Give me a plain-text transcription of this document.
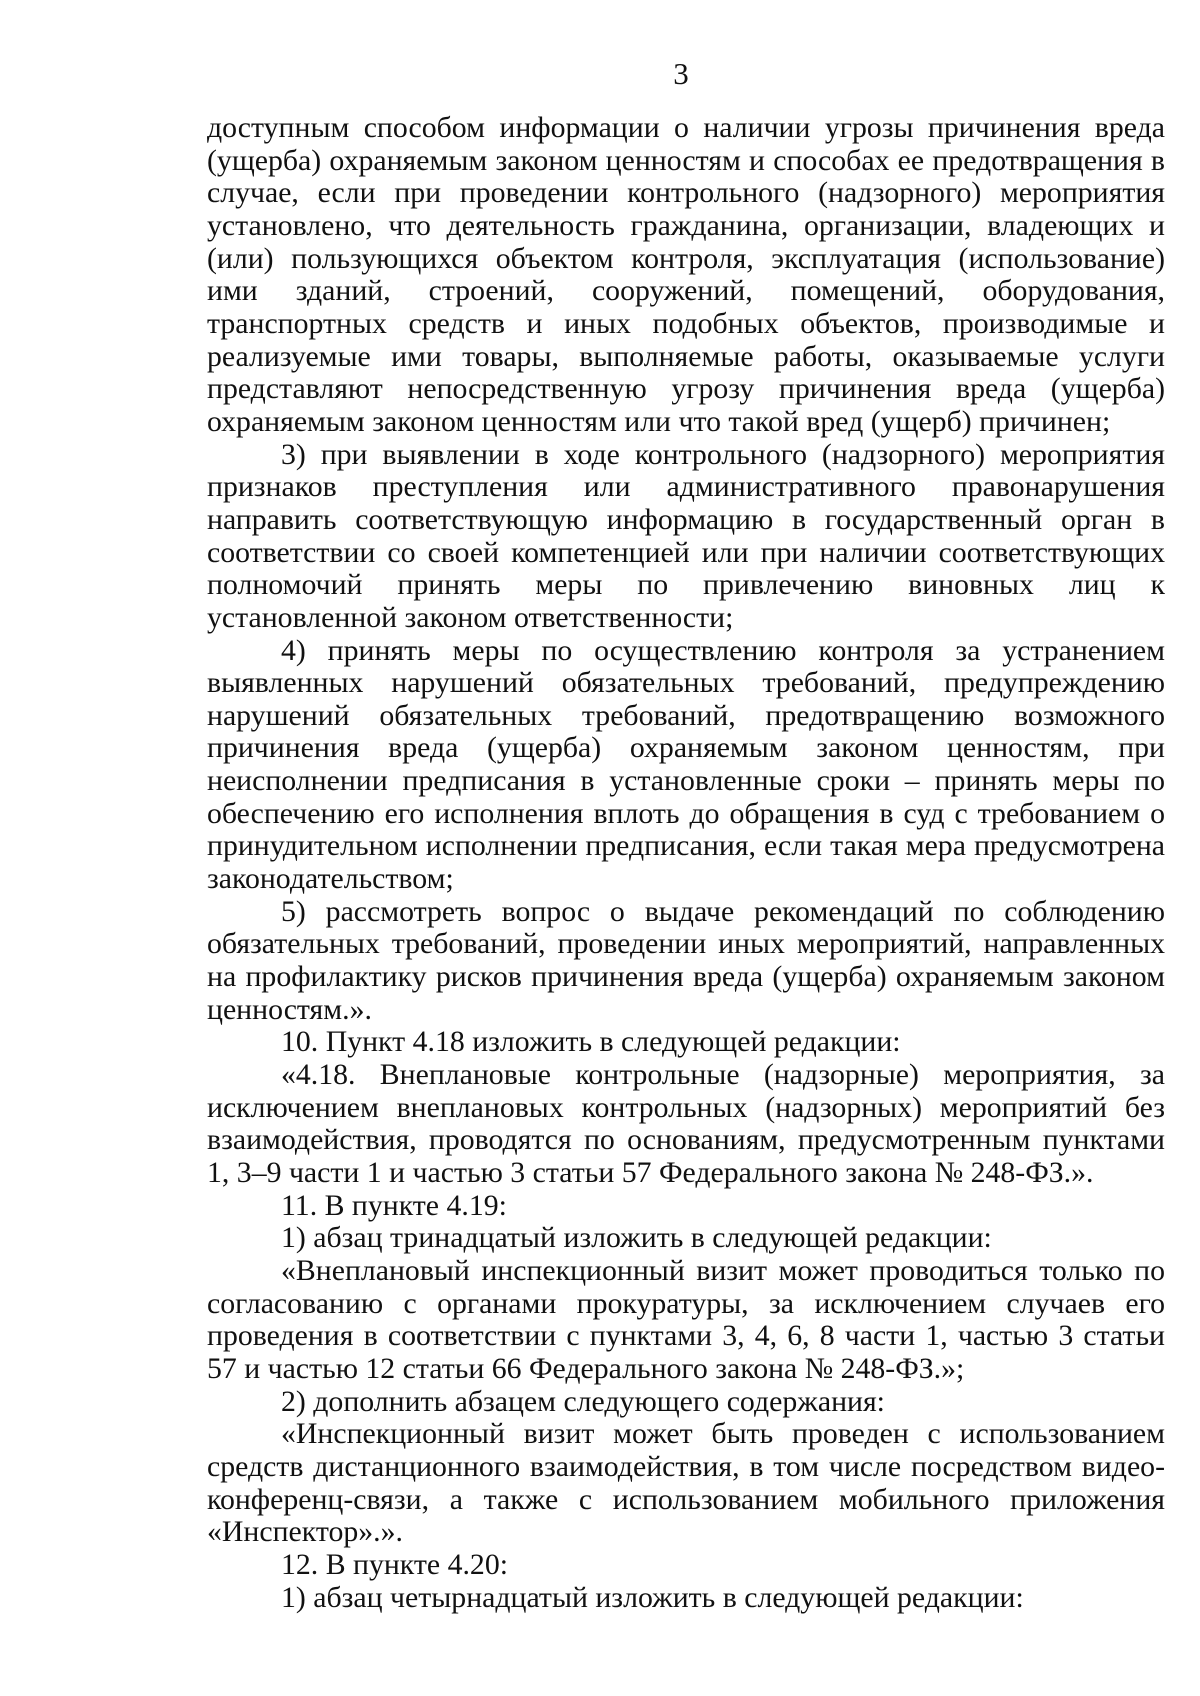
3

доступным способом информации о наличии угрозы причинения вреда (ущерба) охраняемым законом ценностям и способах ее предотвращения в случае, если при проведении контрольного (надзорного) мероприятия установлено, что деятельность гражданина, организации, владеющих и (или) пользующихся объектом контроля, эксплуатация (использование) ими зданий, строений, сооружений, помещений, оборудования, транспортных средств и иных подобных объектов, производимые и реализуемые ими товары, выполняемые работы, оказываемые услуги представляют непосредственную угрозу причинения вреда (ущерба) охраняемым законом ценностям или что такой вред (ущерб) причинен;

3) при выявлении в ходе контрольного (надзорного) мероприятия признаков преступления или административного правонарушения направить соответствующую информацию в государственный орган в соответствии со своей компетенцией или при наличии соответствующих полномочий принять меры по привлечению виновных лиц к установленной законом ответственности;

4) принять меры по осуществлению контроля за устранением выявленных нарушений обязательных требований, предупреждению нарушений обязательных требований, предотвращению возможного причинения вреда (ущерба) охраняемым законом ценностям, при неисполнении предписания в установленные сроки – принять меры по обеспечению его исполнения вплоть до обращения в суд с требованием о принудительном исполнении предписания, если такая мера предусмотрена законодательством;

5) рассмотреть вопрос о выдаче рекомендаций по соблюдению обязательных требований, проведении иных мероприятий, направленных на профилактику рисков причинения вреда (ущерба) охраняемым законом ценностям.».

10. Пункт 4.18 изложить в следующей редакции:

«4.18. Внеплановые контрольные (надзорные) мероприятия, за исключением внеплановых контрольных (надзорных) мероприятий без взаимодействия, проводятся по основаниям, предусмотренным пунктами 1, 3–9 части 1 и частью 3 статьи 57 Федерального закона № 248-ФЗ.».

11. В пункте 4.19:

1) абзац тринадцатый изложить в следующей редакции:

«Внеплановый инспекционный визит может проводиться только по согласованию с органами прокуратуры, за исключением случаев его проведения в соответствии с пунктами 3, 4, 6, 8 части 1, частью 3 статьи 57 и частью 12 статьи 66 Федерального закона № 248-ФЗ.»;

2) дополнить абзацем следующего содержания:

«Инспекционный визит может быть проведен с использованием средств дистанционного взаимодействия, в том числе посредством видео-конференц-связи, а также с использованием мобильного приложения «Инспектор».».

12. В пункте 4.20:

1) абзац четырнадцатый изложить в следующей редакции:
